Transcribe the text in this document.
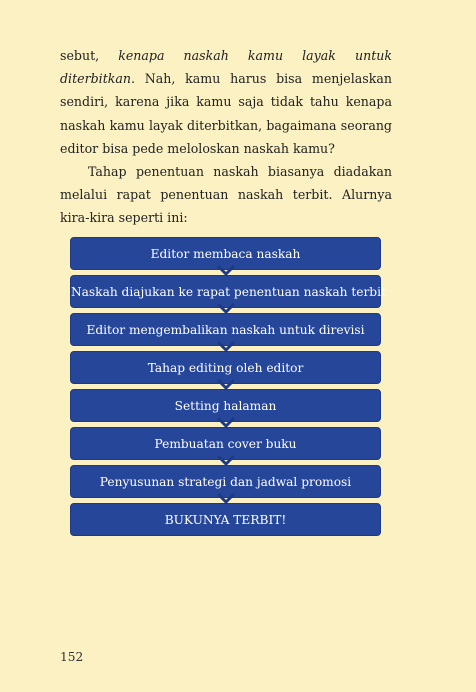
sebut, kenapa naskah kamu layak untuk diterbitkan. Nah, kamu harus bisa menjelaskan sendiri, karena jika kamu saja tidak tahu kenapa naskah kamu layak diterbitkan, bagaimana seorang editor bisa pede meloloskan naskah kamu?

Tahap penentuan naskah biasanya diadakan melalui rapat penentuan naskah terbit. Alurnya kira-kira seperti ini:

Editor membaca naskah
Naskah diajukan ke rapat penentuan naskah terbit
Editor mengembalikan naskah untuk direvisi
Tahap editing oleh editor
Setting halaman
Pembuatan cover buku
Penyusunan strategi dan jadwal promosi
BUKUNYA TERBIT!
152
